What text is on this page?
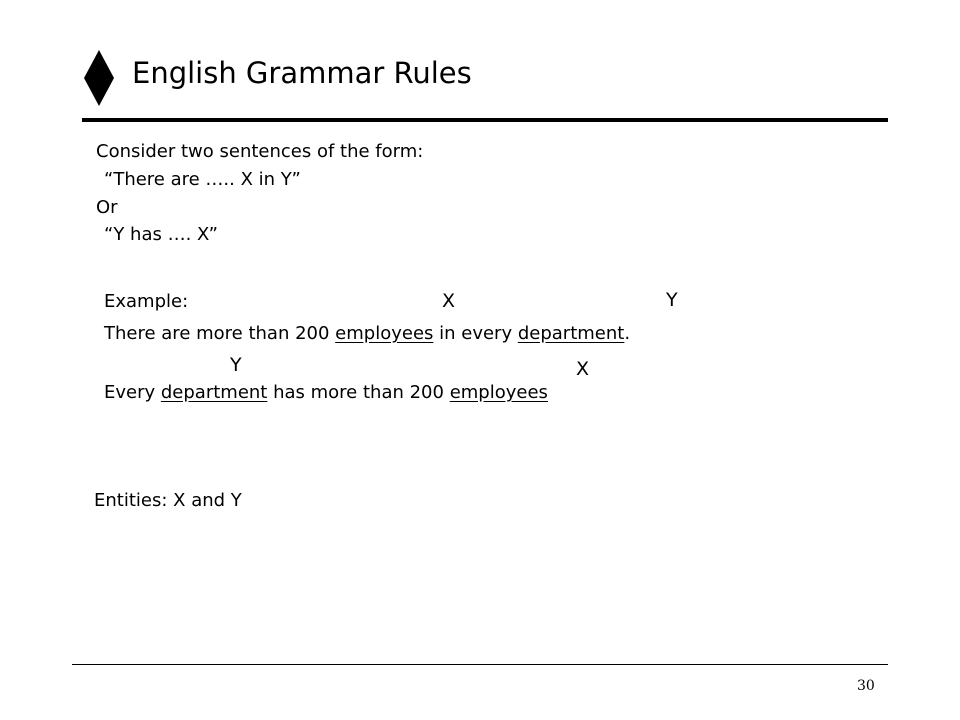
English Grammar Rules
Consider two sentences of the form:
“There are ….. X in Y”
Or
“Y has …. X”
Example:	X	Y
There are more than 200 employees in every department.
Y	X
Every department has more than 200 employees
Entities: X and Y
30
